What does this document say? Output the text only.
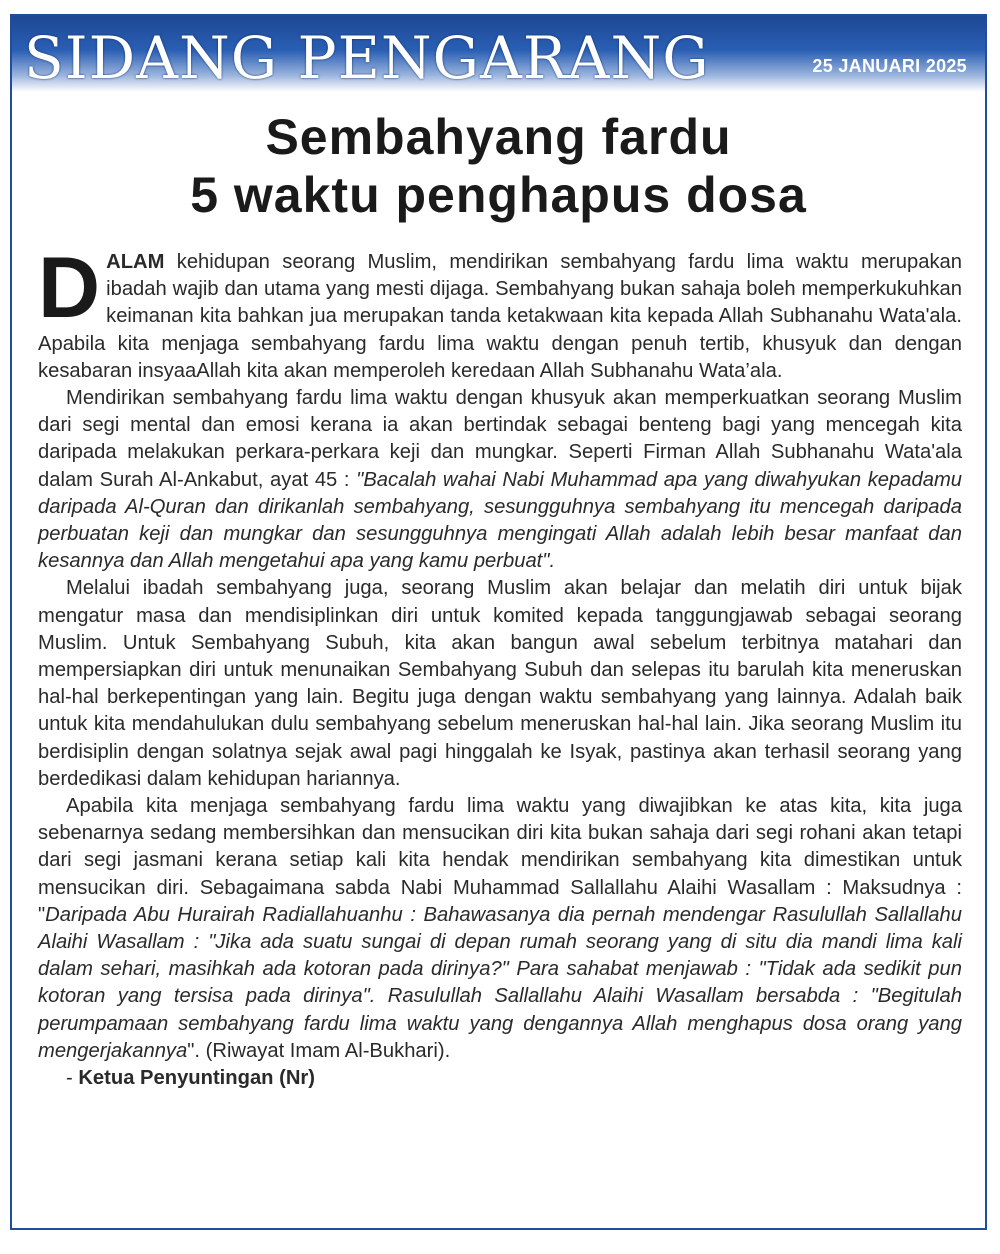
SIDANG PENGARANG	25 JANUARI 2025
Sembahyang fardu
5 waktu penghapus dosa

DALAM kehidupan seorang Muslim, mendirikan sembahyang fardu lima waktu merupakan ibadah wajib dan utama yang mesti dijaga. Sembahyang bukan sahaja boleh memperkukuhkan keimanan kita bahkan jua merupakan tanda ketakwaan kita kepada Allah Subhanahu Wata'ala. Apabila kita menjaga sembahyang fardu lima waktu dengan penuh tertib, khusyuk dan dengan kesabaran insyaaAllah kita akan memperoleh keredaan Allah Subhanahu Wata’ala.

Mendirikan sembahyang fardu lima waktu dengan khusyuk akan memperkuatkan seorang Muslim dari segi mental dan emosi kerana ia akan bertindak sebagai benteng bagi yang mencegah kita daripada melakukan perkara-perkara keji dan mungkar. Seperti Firman Allah Subhanahu Wata'ala dalam Surah Al-Ankabut, ayat 45 : "Bacalah wahai Nabi Muhammad apa yang diwahyukan kepadamu daripada Al-Quran dan dirikanlah sembahyang, sesungguhnya sembahyang itu mencegah daripada perbuatan keji dan mungkar dan sesungguhnya mengingati Allah adalah lebih besar manfaat dan kesannya dan Allah mengetahui apa yang kamu perbuat".

Melalui ibadah sembahyang juga, seorang Muslim akan belajar dan melatih diri untuk bijak mengatur masa dan mendisiplinkan diri untuk komited kepada tanggungjawab sebagai seorang Muslim. Untuk Sembahyang Subuh, kita akan bangun awal sebelum terbitnya matahari dan mempersiapkan diri untuk menunaikan Sembahyang Subuh dan selepas itu barulah kita meneruskan hal-hal berkepentingan yang lain. Begitu juga dengan waktu sembahyang yang lainnya. Adalah baik untuk kita mendahulukan dulu sembahyang sebelum meneruskan hal-hal lain. Jika seorang Muslim itu berdisiplin dengan solatnya sejak awal pagi hinggalah ke Isyak, pastinya akan terhasil seorang yang berdedikasi dalam kehidupan hariannya.

Apabila kita menjaga sembahyang fardu lima waktu yang diwajibkan ke atas kita, kita juga sebenarnya sedang membersihkan dan mensucikan diri kita bukan sahaja dari segi rohani akan tetapi dari segi jasmani kerana setiap kali kita hendak mendirikan sembahyang kita dimestikan untuk mensucikan diri. Sebagaimana sabda Nabi Muhammad Sallallahu Alaihi Wasallam : Maksudnya : "Daripada Abu Hurairah Radiallahuanhu : Bahawasanya dia pernah mendengar Rasulullah Sallallahu Alaihi Wasallam : "Jika ada suatu sungai di depan rumah seorang yang di situ dia mandi lima kali dalam sehari, masihkah ada kotoran pada dirinya?" Para sahabat menjawab : "Tidak ada sedikit pun kotoran yang tersisa pada dirinya". Rasulullah Sallallahu Alaihi Wasallam bersabda : "Begitulah perumpamaan sembahyang fardu lima waktu yang dengannya Allah menghapus dosa orang yang mengerjakannya". (Riwayat Imam Al-Bukhari).

- Ketua Penyuntingan (Nr)
